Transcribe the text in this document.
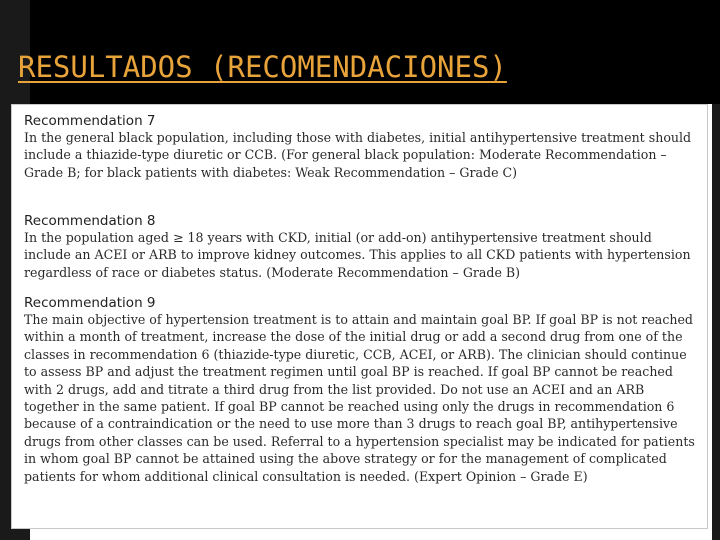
RESULTADOS (RECOMENDACIONES)
Recommendation 7
In the general black population, including those with diabetes, initial antihypertensive treatment should include a thiazide-type diuretic or CCB. (For general black population: Moderate Recommendation – Grade B; for black patients with diabetes: Weak Recommendation – Grade C)
Recommendation 8
In the population aged ≥ 18 years with CKD, initial (or add-on) antihypertensive treatment should include an ACEI or ARB to improve kidney outcomes. This applies to all CKD patients with hypertension regardless of race or diabetes status. (Moderate Recommendation – Grade B)
Recommendation 9
The main objective of hypertension treatment is to attain and maintain goal BP. If goal BP is not reached within a month of treatment, increase the dose of the initial drug or add a second drug from one of the classes in recommendation 6 (thiazide-type diuretic, CCB, ACEI, or ARB). The clinician should continue to assess BP and adjust the treatment regimen until goal BP is reached. If goal BP cannot be reached with 2 drugs, add and titrate a third drug from the list provided. Do not use an ACEI and an ARB together in the same patient. If goal BP cannot be reached using only the drugs in recommendation 6 because of a contraindication or the need to use more than 3 drugs to reach goal BP, antihypertensive drugs from other classes can be used. Referral to a hypertension specialist may be indicated for patients in whom goal BP cannot be attained using the above strategy or for the management of complicated patients for whom additional clinical consultation is needed. (Expert Opinion – Grade E)
